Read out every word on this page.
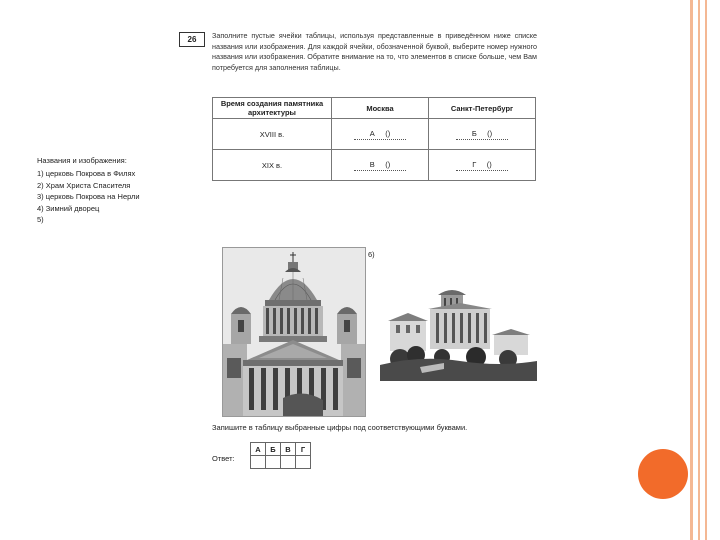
26	Заполните пустые ячейки таблицы, используя представленные в приведённом ниже списке названия или изображения. Для каждой ячейки, обозначенной буквой, выберите номер нужного названия или изображения. Обратите внимание на то, что элементов в списке больше, чем Вам потребуется для заполнения таблицы.
Время создания памятника архитектуры	Москва	Санкт-Петербург
XVIII в.	А ()	Б ()
XIX в.	В ()	Г ()
Названия и изображения:
1) церковь Покрова в Филях
2) Храм Христа Спасителя
3) церковь Покрова на Нерли
4) Зимний дворец
5)
6)
Запишите в таблицу выбранные цифры под соответствующими буквами.
Ответ:
А	Б	В	Г
